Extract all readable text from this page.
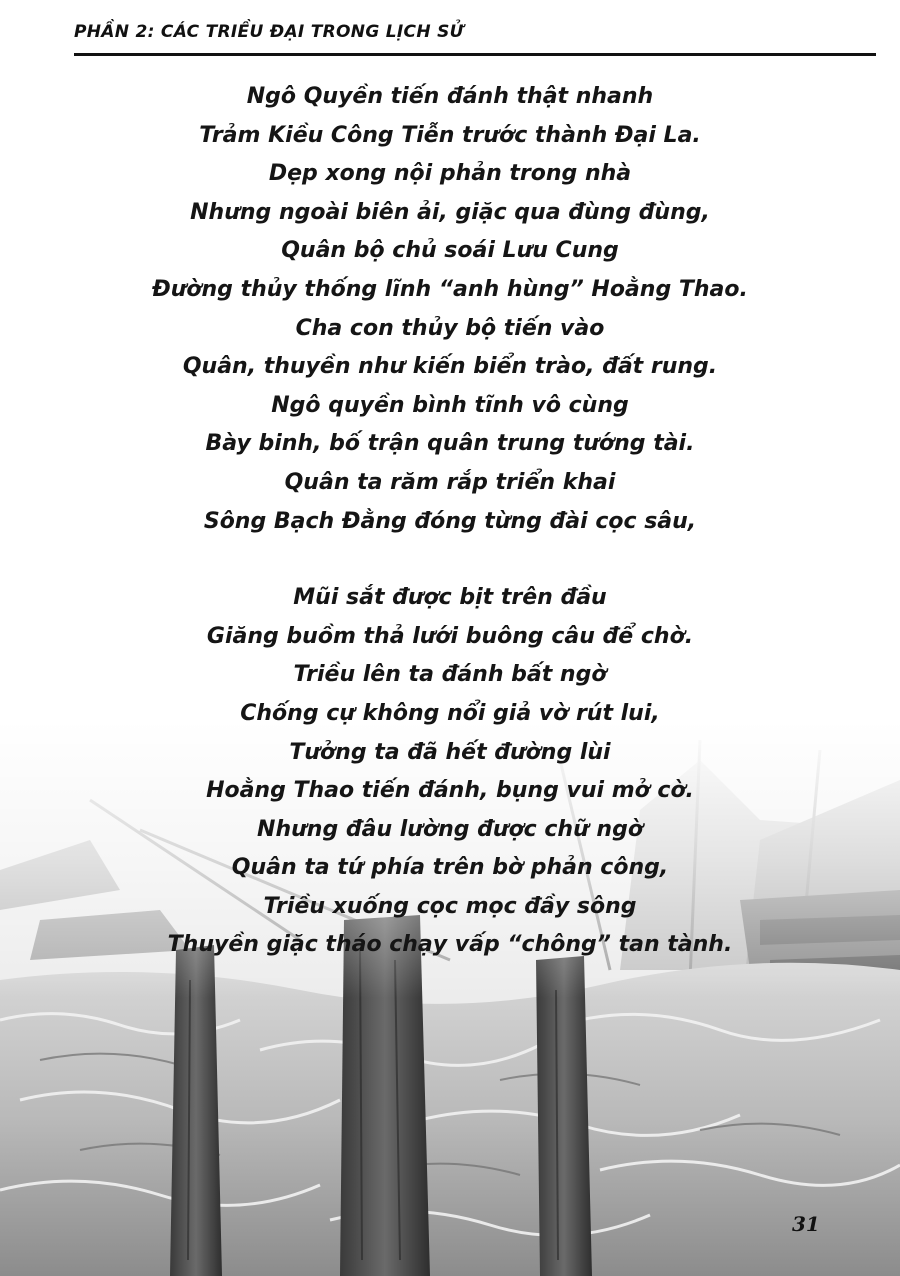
PHẦN 2: CÁC TRIỀU ĐẠI TRONG LỊCH SỬ
Ngô Quyền tiến đánh thật nhanh
Trảm Kiều Công Tiễn trước thành Đại La.
Dẹp xong nội phản trong nhà
Nhưng ngoài biên ải, giặc qua đùng đùng,
Quân bộ chủ soái Lưu Cung
Đường thủy thống lĩnh “anh hùng” Hoằng Thao.
Cha con thủy bộ tiến vào
Quân, thuyền như kiến biển trào, đất rung.
Ngô quyền bình tĩnh vô cùng
Bày binh, bố trận quân trung tướng tài.
Quân ta răm rắp triển khai
Sông Bạch Đằng đóng từng đài cọc sâu,
Mũi sắt được bịt trên đầu
Giăng buồm thả lưới buông câu để chờ.
Triều lên ta đánh bất ngờ
Chống cự không nổi giả vờ rút lui,
Tưởng ta đã hết đường lùi
Hoằng Thao tiến đánh, bụng vui mở cờ.
Nhưng đâu lường được chữ ngờ
Quân ta tứ phía trên bờ phản công,
Triều xuống cọc mọc đầy sông
Thuyền giặc tháo chạy vấp “chông” tan tành.
31
